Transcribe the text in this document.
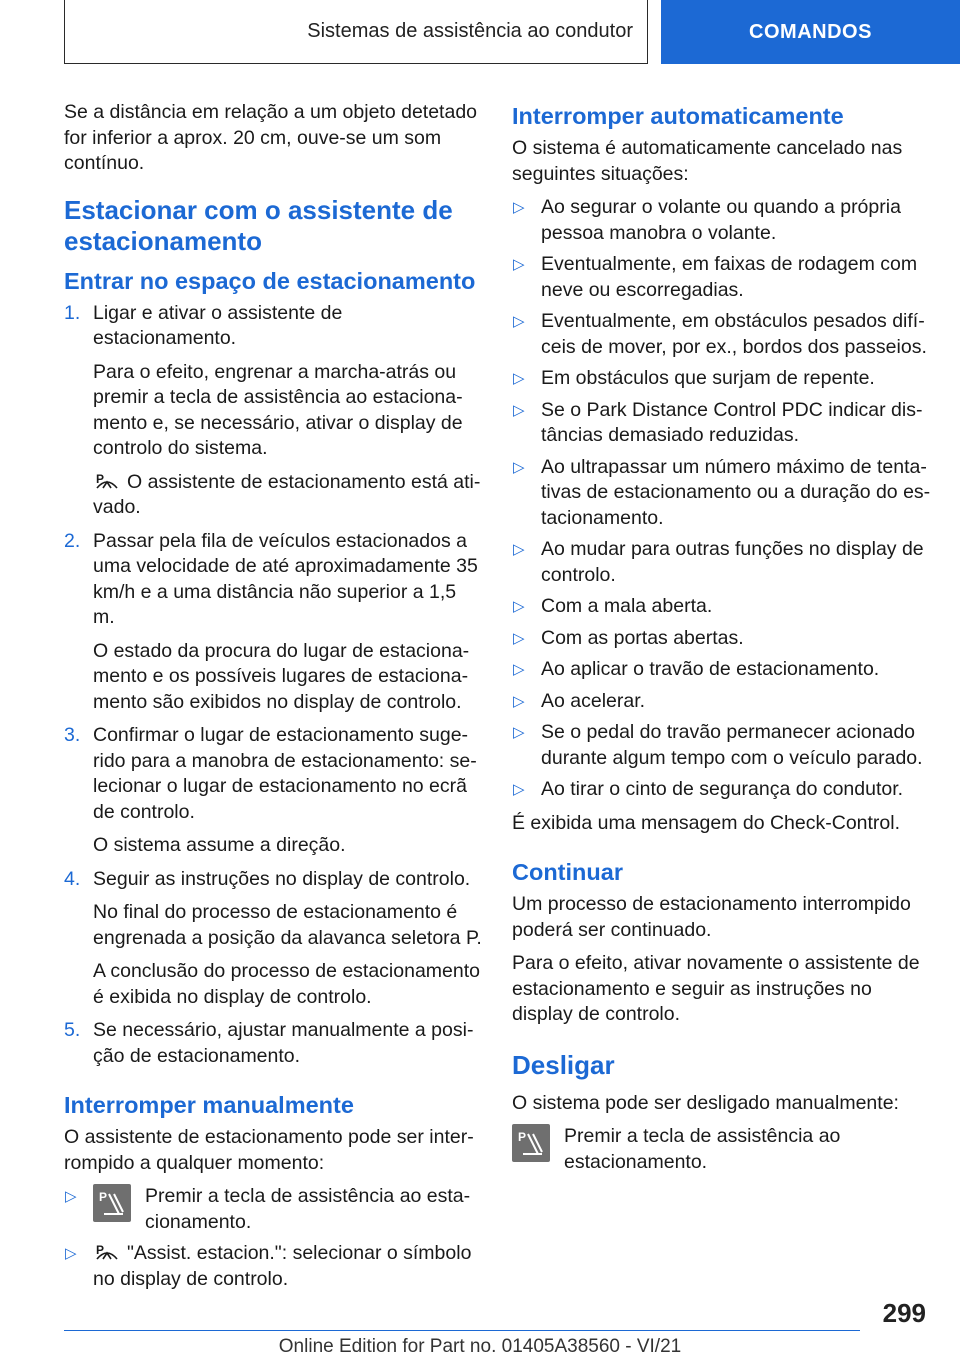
Sistemas de assistência ao condutor	COMANDOS

Se a distância em relação a um objeto detetado for inferior a aprox. 20 cm, ouve-se um som contínuo.

Estacionar com o assistente de estacionamento
Entrar no espaço de estacionamento
1. Ligar e ativar o assistente de estacionamento.

Para o efeito, engrenar a marcha-atrás ou premir a tecla de assistência ao estacionamento e, se necessário, ativar o display de controlo do sistema.

P O assistente de estacionamento está ativado.

2. Passar pela fila de veículos estacionados a uma velocidade de até aproximadamente 35 km/h e a uma distância não superior a 1,5 m.

O estado da procura do lugar de estacionamento e os possíveis lugares de estacionamento são exibidos no display de controlo.

3. Confirmar o lugar de estacionamento sugerido para a manobra de estacionamento: selecionar o lugar de estacionamento no ecrã de controlo.

O sistema assume a direção.

4. Seguir as instruções no display de controlo.

No final do processo de estacionamento é engrenada a posição da alavanca seletora P.

A conclusão do processo de estacionamento é exibida no display de controlo.

5. Se necessário, ajustar manualmente a posição de estacionamento.

Interromper manualmente

O assistente de estacionamento pode ser interrompido a qualquer momento:

▷ P Premir a tecla de assistência ao estacionamento.
▷ P "Assist. estacion.": selecionar o símbolo no display de controlo.
Interromper automaticamente

O sistema é automaticamente cancelado nas seguintes situações:

▷ Ao segurar o volante ou quando a própria pessoa manobra o volante.
▷ Eventualmente, em faixas de rodagem com neve ou escorregadias.
▷ Eventualmente, em obstáculos pesados difíceis de mover, por ex., bordos dos passeios.
▷ Em obstáculos que surjam de repente.
▷ Se o Park Distance Control PDC indicar distâncias demasiado reduzidas.
▷ Ao ultrapassar um número máximo de tentativas de estacionamento ou a duração do estacionamento.
▷ Ao mudar para outras funções no display de controlo.
▷ Com a mala aberta.
▷ Com as portas abertas.
▷ Ao aplicar o travão de estacionamento.
▷ Ao acelerar.
▷ Se o pedal do travão permanecer acionado durante algum tempo com o veículo parado.
▷ Ao tirar o cinto de segurança do condutor.

É exibida uma mensagem do Check-Control.

Continuar

Um processo de estacionamento interrompido poderá ser continuado.

Para o efeito, ativar novamente o assistente de estacionamento e seguir as instruções no display de controlo.

Desligar

O sistema pode ser desligado manualmente:

P Premir a tecla de assistência ao estacionamento.
299
Online Edition for Part no. 01405A38560 - VI/21
